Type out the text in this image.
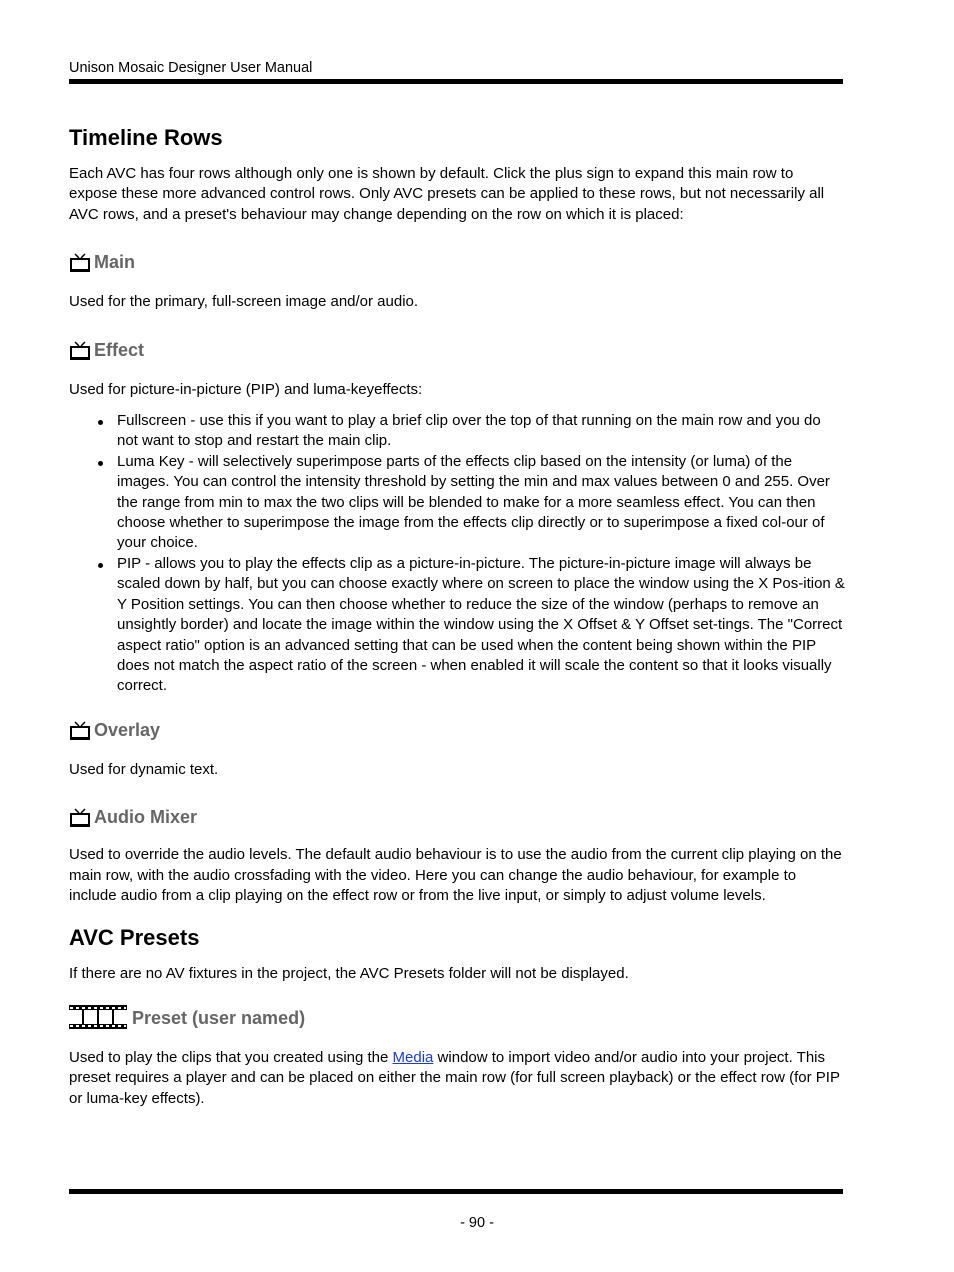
Unison Mosaic Designer User Manual
Timeline Rows

Each AVC has four rows although only one is shown by default. Click the plus sign to expand this main row to expose these more advanced control rows. Only AVC presets can be applied to these rows, but not necessarily all AVC rows, and a preset's behaviour may change depending on the row on which it is placed:

Main

Used for the primary, full-screen image and/or audio.

Effect

Used for picture-in-picture (PIP) and luma-keyeffects:

Fullscreen - use this if you want to play a brief clip over the top of that running on the main row and you do not want to stop and restart the main clip.
Luma Key - will selectively superimpose parts of the effects clip based on the intensity (or luma) of the images. You can control the intensity threshold by setting the min and max values between 0 and 255. Over the range from min to max the two clips will be blended to make for a more seamless effect. You can then choose whether to superimpose the image from the effects clip directly or to superimpose a fixed col-our of your choice.
PIP - allows you to play the effects clip as a picture-in-picture. The picture-in-picture image will always be scaled down by half, but you can choose exactly where on screen to place the window using the X Pos-ition & Y Position settings. You can then choose whether to reduce the size of the window (perhaps to remove an unsightly border) and locate the image within the window using the X Offset & Y Offset set-tings. The "Correct aspect ratio" option is an advanced setting that can be used when the content being shown within the PIP does not match the aspect ratio of the screen - when enabled it will scale the content so that it looks visually correct.
Overlay

Used for dynamic text.

Audio Mixer

Used to override the audio levels. The default audio behaviour is to use the audio from the current clip playing on the main row, with the audio crossfading with the video. Here you can change the audio behaviour, for example to include audio from a clip playing on the effect row or from the live input, or simply to adjust volume levels.

AVC Presets

If there are no AV fixtures in the project, the AVC Presets folder will not be displayed.

Preset (user named)

Used to play the clips that you created using the Media window to import video and/or audio into your project. This preset requires a player and can be placed on either the main row (for full screen playback) or the effect row (for PIP or luma-key effects).

- 90 -
